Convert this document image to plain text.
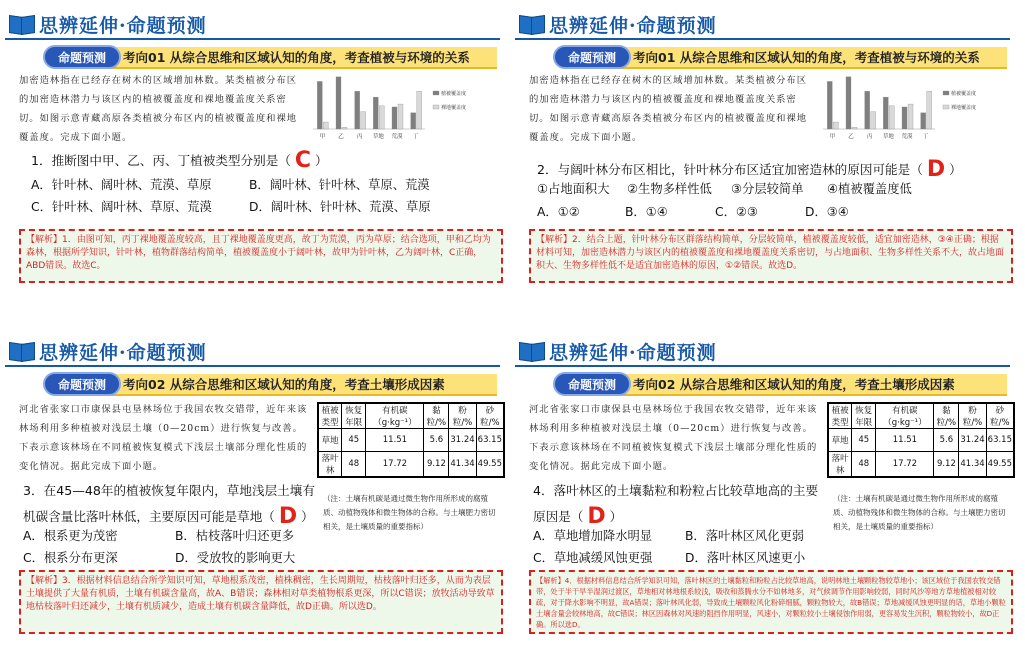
思辨延伸·命题预测
考向01 从综合思维和区域认知的角度，考查植被与环境的关系
命题预测
加密造林指在已经存在树木的区域增加林数。某类植被分布区的加密造林潜力与该区内的植被覆盖度和裸地覆盖度关系密切。如图示意青藏高原各类植被分布区内的植被覆盖度和裸地覆盖度。完成下面小题。	甲 乙 丙 草地 荒漠 丁
植被覆盖度
裸地覆盖度
1．推断图中甲、乙、丙、丁植被类型分别是（ C ）
A．针叶林、阔叶林、荒漠、草原	B．阔叶林、针叶林、草原、荒漠
C．针叶林、阔叶林、草原、荒漠	D．阔叶林、针叶林、荒漠、草原
【解析】1．由图可知，丙丁裸地覆盖度较高，且丁裸地覆盖度更高，故丁为荒漠，丙为草原；结合选项，甲和乙均为森林，根据所学知识，针叶林，植物群落结构简单，植被覆盖度小于阔叶林，故甲为针叶林，乙为阔叶林，C正确，ABD错误。故选C。
思辨延伸·命题预测
考向01 从综合思维和区域认知的角度，考查植被与环境的关系
命题预测
加密造林指在已经存在树木的区域增加林数。某类植被分布区的加密造林潜力与该区内的植被覆盖度和裸地覆盖度关系密切。如图示意青藏高原各类植被分布区内的植被覆盖度和裸地覆盖度。完成下面小题。	甲 乙 丙 草地 荒漠 丁
植被覆盖度
裸地覆盖度
2．与阔叶林分布区相比，针叶林分布区适宜加密造林的原因可能是（ D ）
①占地面积大 ②生物多样性低 ③分层较简单 ④植被覆盖度低
A．①②	B．①④	C．②③	D．③④
【解析】2．结合上题，针叶林分布区群落结构简单，分层较简单，植被覆盖度较低，适宜加密造林，③④正确；根据材料可知，加密造林潜力与该区内的植被覆盖度和裸地覆盖度关系密切，与占地面积、生物多样性关系不大，故占地面积大、生物多样性低不是适宜加密造林的原因，①②错误。故选D。
思辨延伸·命题预测
考向02 从综合思维和区域认知的角度，考查土壤形成因素
命题预测
河北省张家口市康保县屯垦林场位于我国农牧交错带，近年来该林场利用多种植被对浅层土壤（0—20cm）进行恢复与改善。下表示意该林场在不同植被恢复模式下浅层土壤部分理化性质的变化情况。据此完成下面小题。
植被类型	恢复年限	有机碳（g·kg⁻¹）	黏粒/%	粉粒/%	砂粒/%
草地	45	11.51	5.6	31.24	63.15
落叶林	48	17.72	9.12	41.34	49.55
（注：土壤有机碳是通过微生物作用所形成的腐殖质、动植物残体和微生物体的合称。与土壤肥力密切相关，是土壤质量的重要指标）
3．在45—48年的植被恢复年限内，草地浅层土壤有
机碳含量比落叶林低，主要原因可能是草地（ D ）
A．根系更为茂密	B．枯枝落叶归还更多
C．根系分布更深	D．受放牧的影响更大
【解析】3．根据材料信息结合所学知识可知，草地根系茂密，植株稠密，生长周期短，枯枝落叶归还多，从而为表层土壤提供了大量有机质，土壤有机碳含量高，故A、B错误；森林相对草类植物根系更深，所以C错误；放牧活动导致草地枯枝落叶归还减少，土壤有机质减少，造成土壤有机碳含量降低，故D正确。所以选D。
思辨延伸·命题预测
考向02 从综合思维和区域认知的角度，考查土壤形成因素
命题预测
河北省张家口市康保县屯垦林场位于我国农牧交错带，近年来该林场利用多种植被对浅层土壤（0—20cm）进行恢复与改善。下表示意该林场在不同植被恢复模式下浅层土壤部分理化性质的变化情况。据此完成下面小题。
植被类型	恢复年限	有机碳（g·kg⁻¹）	黏粒/%	粉粒/%	砂粒/%
草地	45	11.51	5.6	31.24	63.15
落叶林	48	17.72	9.12	41.34	49.55
（注：土壤有机碳是通过微生物作用所形成的腐殖质、动植物残体和微生物体的合称。与土壤肥力密切相关，是土壤质量的重要指标）
4．落叶林区的土壤黏粒和粉粒占比较草地高的主要
原因是（ D ）
A．草地增加降水明显	B．落叶林区风化更弱
C．草地减缓风蚀更强	D．落叶林区风速更小
【解析】4．根据材料信息结合所学知识可知，落叶林区的土壤黏粒和粉粒占比较草地高，说明林地土壤颗粒物较草地小；该区域位于我国农牧交错带，处于半干旱半湿润过渡区，草地相对林地根系较浅，吸收和蒸腾水分不如林地多，对气候调节作用影响较弱，同时风沙等地方草地植被相对较疏，对于降水影响不明显，故A错误；落叶林风化弱，导致成土壤颗粒风化粉碎细腻，颗粒物较大，故B错误；草地减缓风蚀更明显的话，草地小颗粒土壤含量会较林地高，故C错误；林区因森林对风速的阻挡作用明显，风速小，对颗粒较小土壤侵蚀作用弱，更容易发生沉积，颗粒物较小，故D正确。所以选D。
